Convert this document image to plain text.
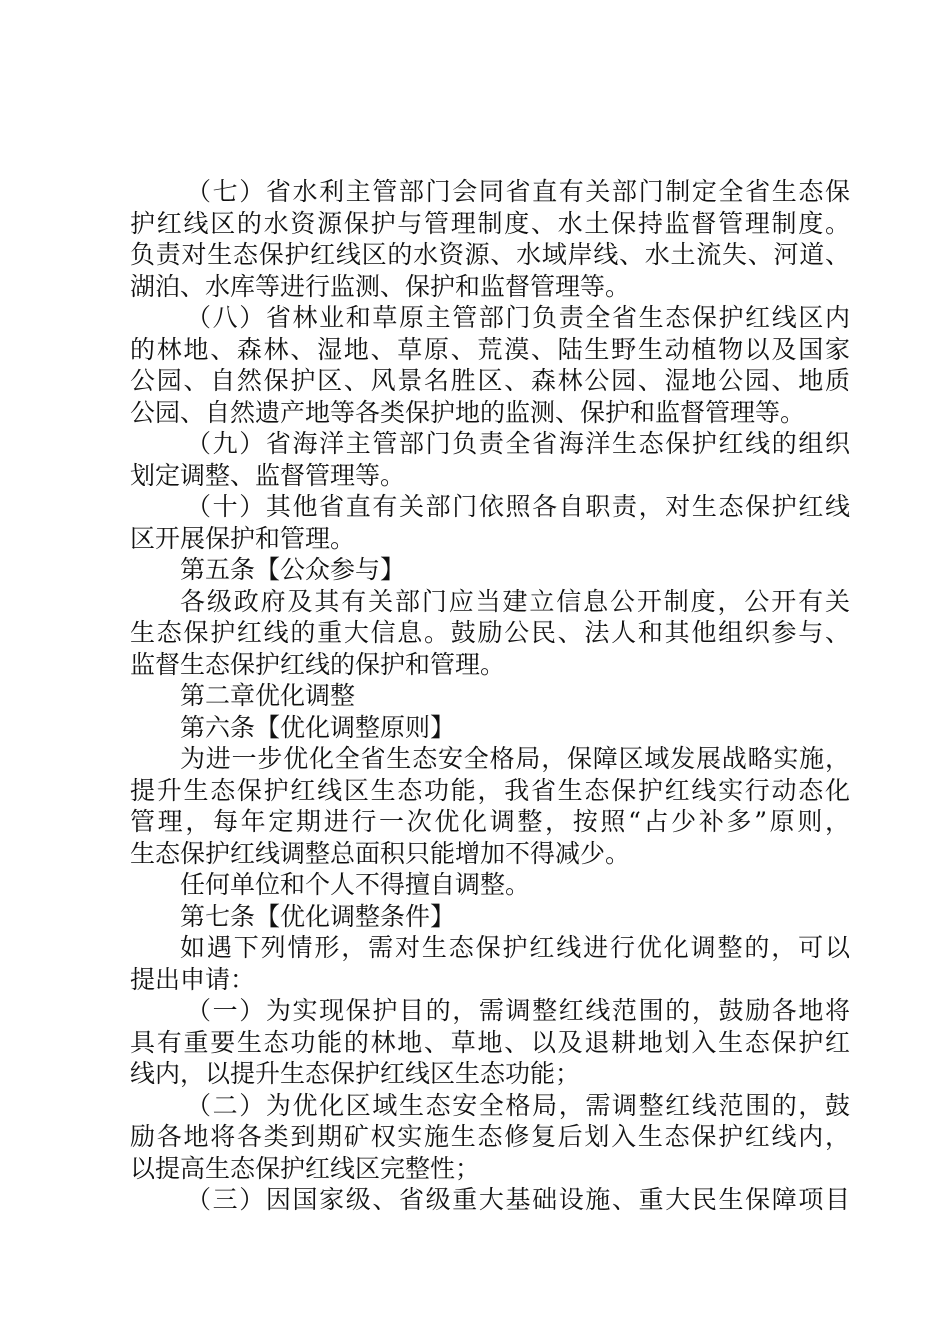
（七）省水利主管部门会同省直有关部门制定全省生态保
护红线区的水资源保护与管理制度、水土保持监督管理制度。
负责对生态保护红线区的水资源、水域岸线、水土流失、河道、
湖泊、水库等进行监测、保护和监督管理等。
（八）省林业和草原主管部门负责全省生态保护红线区内
的林地、森林、湿地、草原、荒漠、陆生野生动植物以及国家
公园、自然保护区、风景名胜区、森林公园、湿地公园、地质
公园、自然遗产地等各类保护地的监测、保护和监督管理等。
（九）省海洋主管部门负责全省海洋生态保护红线的组织
划定调整、监督管理等。
（十）其他省直有关部门依照各自职责，对生态保护红线
区开展保护和管理。
第五条【公众参与】
各级政府及其有关部门应当建立信息公开制度，公开有关
生态保护红线的重大信息。鼓励公民、法人和其他组织参与、
监督生态保护红线的保护和管理。
第二章优化调整
第六条【优化调整原则】
为进一步优化全省生态安全格局，保障区域发展战略实施，
提升生态保护红线区生态功能，我省生态保护红线实行动态化
管理，每年定期进行一次优化调整，按照“占少补多”原则，
生态保护红线调整总面积只能增加不得减少。
任何单位和个人不得擅自调整。
第七条【优化调整条件】
如遇下列情形，需对生态保护红线进行优化调整的，可以
提出申请：
（一）为实现保护目的，需调整红线范围的，鼓励各地将
具有重要生态功能的林地、草地、以及退耕地划入生态保护红
线内，以提升生态保护红线区生态功能；
（二）为优化区域生态安全格局，需调整红线范围的，鼓
励各地将各类到期矿权实施生态修复后划入生态保护红线内，
以提高生态保护红线区完整性；
（三）因国家级、省级重大基础设施、重大民生保障项目
